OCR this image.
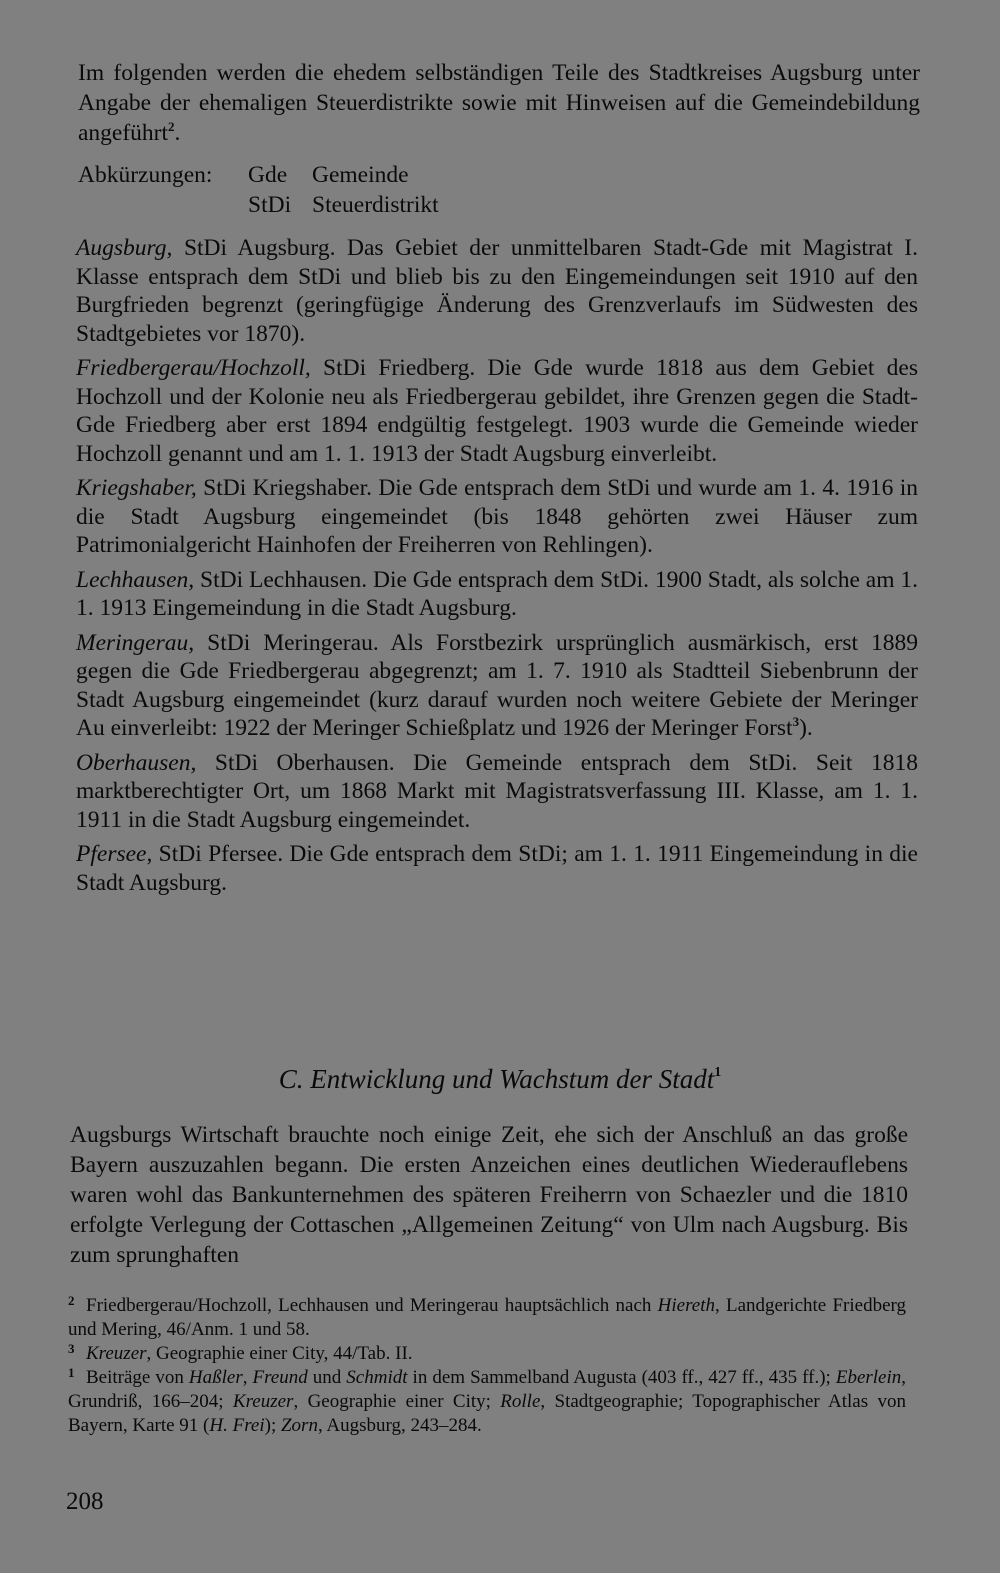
Im folgenden werden die ehedem selbständigen Teile des Stadtkreises Augsburg unter Angabe der ehemaligen Steuerdistrikte sowie mit Hinweisen auf die Gemeindebildung angeführt$^2$.

Abkürzungen:	Gde	Gemeinde
StDi Steuerdistrikt

Augsburg, StDi Augsburg. Das Gebiet der unmittelbaren Stadt-Gde mit Magistrat I. Klasse entsprach dem StDi und blieb bis zu den Eingemeindungen seit 1910 auf den Burgfrieden begrenzt (geringfügige Änderung des Grenzverlaufs im Südwesten des Stadtgebietes vor 1870).

Friedbergerau/Hochzoll, StDi Friedberg. Die Gde wurde 1818 aus dem Gebiet des Hochzoll und der Kolonie neu als Friedbergerau gebildet, ihre Grenzen gegen die Stadt-Gde Friedberg aber erst 1894 endgültig festgelegt. 1903 wurde die Gemeinde wieder Hochzoll genannt und am 1. 1. 1913 der Stadt Augsburg einverleibt.

Kriegshaber, StDi Kriegshaber. Die Gde entsprach dem StDi und wurde am 1. 4. 1916 in die Stadt Augsburg eingemeindet (bis 1848 gehörten zwei Häuser zum Patrimonialgericht Hainhofen der Freiherren von Rehlingen).

Lechhausen, StDi Lechhausen. Die Gde entsprach dem StDi. 1900 Stadt, als solche am 1. 1. 1913 Eingemeindung in die Stadt Augsburg.

Meringerau, StDi Meringerau. Als Forstbezirk ursprünglich ausmärkisch, erst 1889 gegen die Gde Friedbergerau abgegrenzt; am 1. 7. 1910 als Stadtteil Siebenbrunn der Stadt Augsburg eingemeindet (kurz darauf wurden noch weitere Gebiete der Meringer Au einverleibt: 1922 der Meringer Schießplatz und 1926 der Meringer Forst$^3$).

Oberhausen, StDi Oberhausen. Die Gemeinde entsprach dem StDi. Seit 1818 marktberechtigter Ort, um 1868 Markt mit Magistratsverfassung III. Klasse, am 1. 1. 1911 in die Stadt Augsburg eingemeindet.

Pfersee, StDi Pfersee. Die Gde entsprach dem StDi; am 1. 1. 1911 Eingemeindung in die Stadt Augsburg.

C. Entwicklung und Wachstum der Stadt$^1$

Augsburgs Wirtschaft brauchte noch einige Zeit, ehe sich der Anschluß an das große Bayern auszuzahlen begann. Die ersten Anzeichen eines deutlichen Wiederauflebens waren wohl das Bankunternehmen des späteren Freiherrn von Schaezler und die 1810 erfolgte Verlegung der Cottaschen „Allgemeinen Zeitung“ von Ulm nach Augsburg. Bis zum sprunghaften

2 Friedbergerau/Hochzoll, Lechhausen und Meringerau hauptsächlich nach Hiereth, Landgerichte Friedberg und Mering, 46/Anm. 1 und 58.

3 Kreuzer, Geographie einer City, 44/Tab. II.

1 Beiträge von Haßler, Freund und Schmidt in dem Sammelband Augusta (403 ff., 427 ff., 435 ff.); Eberlein, Grundriß, 166–204; Kreuzer, Geographie einer City; Rolle, Stadtgeographie; Topographischer Atlas von Bayern, Karte 91 (H. Frei); Zorn, Augsburg, 243–284.

208
